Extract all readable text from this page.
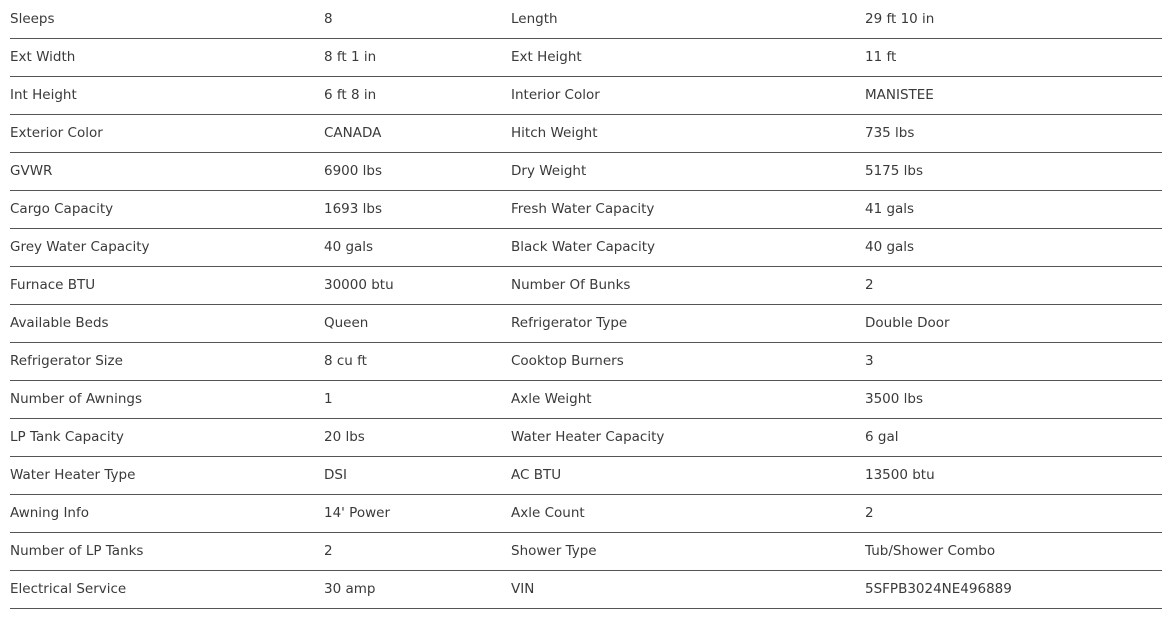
Sleeps	8	Length	29 ft 10 in
Ext Width	8 ft 1 in	Ext Height	11 ft
Int Height	6 ft 8 in	Interior Color	MANISTEE
Exterior Color	CANADA	Hitch Weight	735 lbs
GVWR	6900 lbs	Dry Weight	5175 lbs
Cargo Capacity	1693 lbs	Fresh Water Capacity	41 gals
Grey Water Capacity	40 gals	Black Water Capacity	40 gals
Furnace BTU	30000 btu	Number Of Bunks	2
Available Beds	Queen	Refrigerator Type	Double Door
Refrigerator Size	8 cu ft	Cooktop Burners	3
Number of Awnings	1	Axle Weight	3500 lbs
LP Tank Capacity	20 lbs	Water Heater Capacity	6 gal
Water Heater Type	DSI	AC BTU	13500 btu
Awning Info	14' Power	Axle Count	2
Number of LP Tanks	2	Shower Type	Tub/Shower Combo
Electrical Service	30 amp	VIN	5SFPB3024NE496889
